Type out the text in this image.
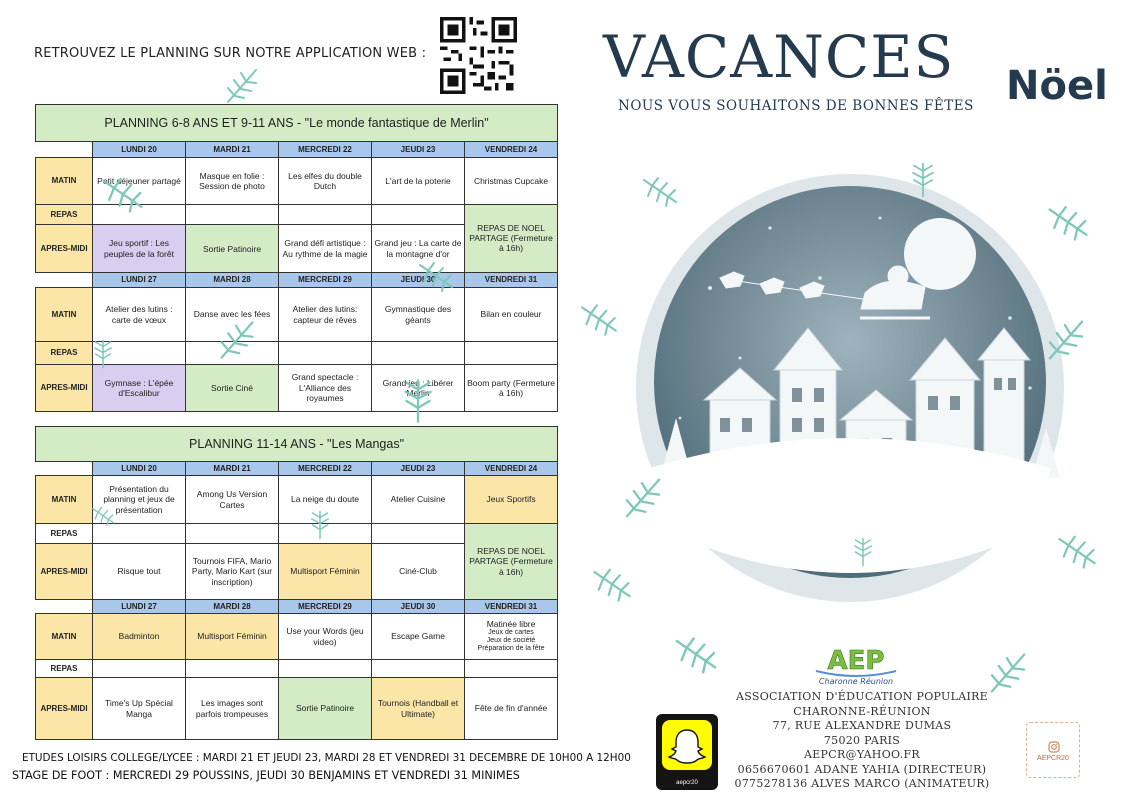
RETROUVEZ LE PLANNING SUR NOTRE APPLICATION WEB :
PLANNING 6-8 ANS ET 9-11 ANS - "Le monde fantastique de Merlin"					
	LUNDI 20	MARDI 21	MERCREDI 22	JEUDI 23	VENDREDI 24
MATIN	Petit déjeuner partagé	Masque en folie : Session de photo	Les elfes du double Dutch	L'art de la poterie	Christmas Cupcake
REPAS					REPAS DE NOEL PARTAGE (Fermeture à 16h)
APRES-MIDI	Jeu sportif : Les peuples de la forêt	Sortie Patinoire	Grand défi artistique : Au rythme de la magie	Grand jeu : La carte de la montagne d'or	
	LUNDI 27	MARDI 28	MERCREDI 29	JEUDI 30	VENDREDI 31
MATIN	Atelier des lutins : carte de vœux	Danse avec les fées	Atelier des lutins: capteur de rêves	Gymnastique des géants	Bilan en couleur
REPAS					
APRES-MIDI	Gymnase : L'épée d'Escalibur	Sortie Ciné	Grand spectacle : L'Alliance des royaumes	Grand jeu : Libérer Merlin	Boom party (Fermeture à 16h)
PLANNING 11-14 ANS - "Les Mangas"					
	LUNDI 20	MARDI 21	MERCREDI 22	JEUDI 23	VENDREDI 24
MATIN	Présentation du planning et jeux de présentation	Among Us Version Cartes	La neige du doute	Atelier Cuisine	Jeux Sportifs
REPAS					REPAS DE NOEL PARTAGE (Fermeture à 16h)
APRES-MIDI	Risque tout	Tournois FIFA, Mario Party, Mario Kart (sur inscription)	Multisport Féminin	Ciné-Club	
	LUNDI 27	MARDI 28	MERCREDI 29	JEUDI 30	VENDREDI 31
MATIN	Badminton	Multisport Féminin	Use your Words (jeu video)	Escape Game	Matinée libre
Jeux de cartes
Jeux de société
Préparation de la fête

REPAS					
APRES-MIDI	Time's Up Spécial Manga	Les images sont parfois trompeuses	Sortie Patinoire	Tournois (Handball et Ultimate)	Fête de fin d'année
ETUDES LOISIRS COLLEGE/LYCEE : MARDI 21 ET JEUDI 23, MARDI 28 ET VENDREDI 31 DECEMBRE DE 10H00 A 12H00
STAGE DE FOOT : MERCREDI 29 POUSSINS, JEUDI 30 BENJAMINS ET VENDREDI 31 MINIMES
VACANCES Nöel
NOUS VOUS SOUHAITONS DE BONNES FÊTES
AEP
Charonne Réunion
ASSOCIATION D'ÉDUCATION POPULAIRE
CHARONNE-RÉUNION
77, RUE ALEXANDRE DUMAS
75020 PARIS
AEPCR@YAHOO.FR
0656670601 ADANE YAHIA (DIRECTEUR)
0775278136 ALVES MARCO (ANIMATEUR)
aepcr20
AEPCR20
